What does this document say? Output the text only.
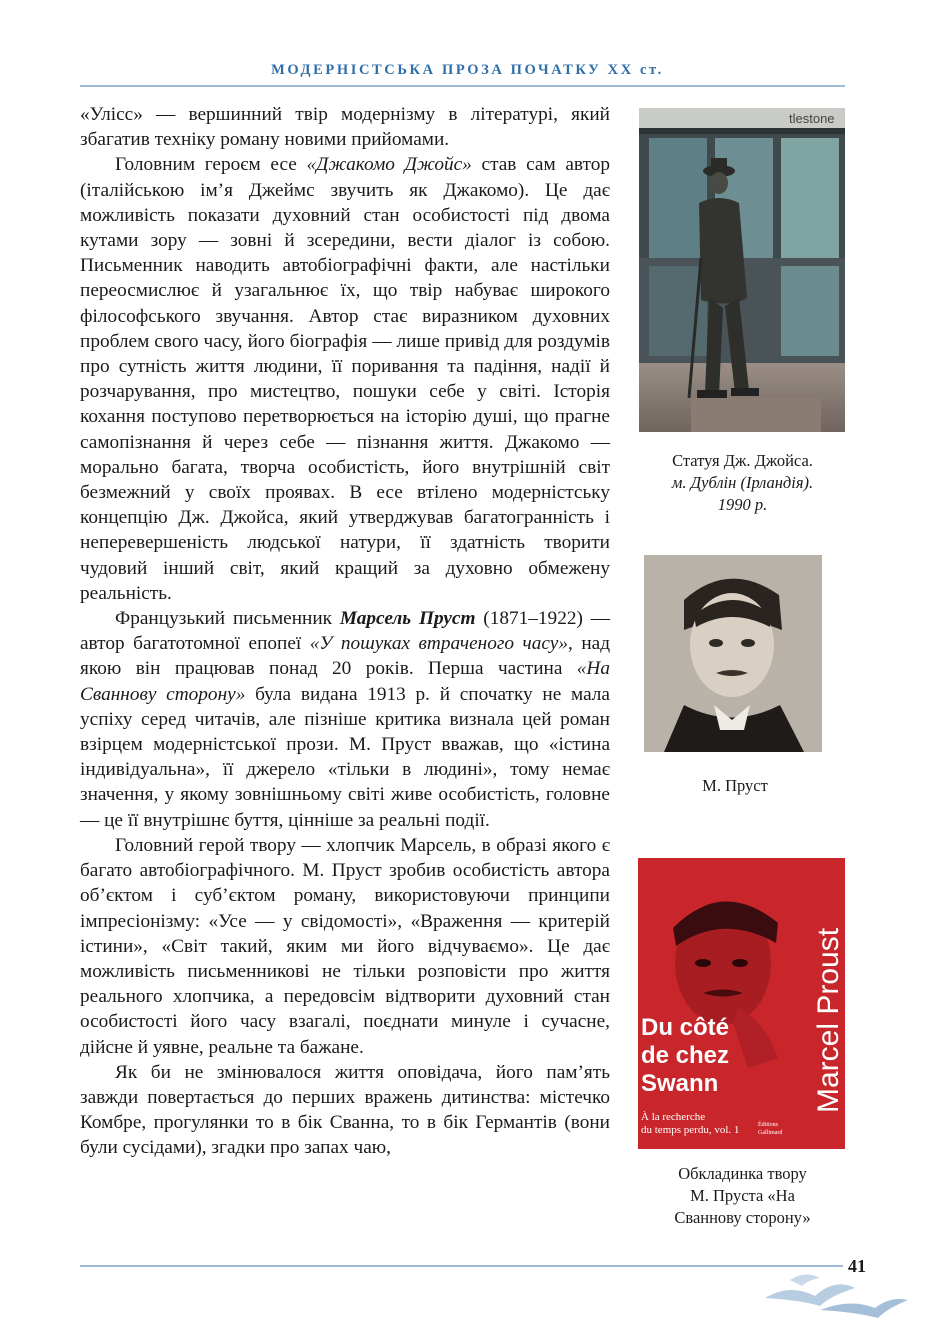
МОДЕРНІСТСЬКА ПРОЗА ПОЧАТКУ XX ст.

«Улісс» — вершинний твір модернізму в літературі, який збагатив техніку роману новими прийомами.

Головним героєм есе «Джакомо Джойс» став сам автор (італійською ім’я Джеймс звучить як Джакомо). Це дає можливість показати духовний стан особистості під двома кутами зору — зовні й зсередини, вести діалог із собою. Письменник наводить автобіографічні факти, але настільки переосмислює й узагальнює їх, що твір набуває широкого філософського звучання. Автор стає виразником духовних проблем свого часу, його біографія — лише привід для роздумів про сутність життя людини, її поривання та падіння, надії й розчарування, про мистецтво, пошуки себе у світі. Історія кохання поступово перетворюється на історію душі, що прагне самопізнання й через себе — пізнання життя. Джакомо — морально багата, творча особистість, його внутрішній світ безмежний у своїх проявах. В есе втілено модерністську концепцію Дж. Джойса, який утверджував багатогранність і неперевершеність людської натури, її здатність творити чудовий інший світ, який кращий за духовно обмежену реальність.

Французький письменник Марсель Пруст (1871–1922) — автор багатотомної епопеї «У пошуках втраченого часу», над якою він працював понад 20 років. Перша частина «На Сваннову сторону» була видана 1913 р. й спочатку не мала успіху серед читачів, але пізніше критика визнала цей роман взірцем модерністської прози. М. Пруст вважав, що «істина індивідуальна», її джерело «тільки в людині», тому немає значення, у якому зовнішньому світі живе особистість, головне — це її внутрішнє буття, цінніше за реальні події.

Головний герой твору — хлопчик Марсель, в образі якого є багато автобіографічного. М. Пруст зробив особистість автора об’єктом і суб’єктом роману, використовуючи принципи імпресіонізму: «Усе — у свідомості», «Враження — критерій істини», «Світ такий, яким ми його відчуваємо». Це дає можливість письменникові не тільки розповісти про життя реального хлопчика, а передовсім відтворити духовний стан особистості його часу взагалі, поєднати минуле і сучасне, дійсне й уявне, реальне та бажане.

Як би не змінювалося життя оповідача, його пам’ять завжди повертається до перших вражень дитинства: містечко Комбре, прогулянки то в бік Сванна, то в бік Германтів (вони були сусідами), згадки про запах чаю,

tlestone
Статуя Дж. Джойса.
м. Дублін (Ірландія).
1990 р.
М. Пруст
Marcel Proust
Du côté
de chez
Swann
À la recherche
du temps perdu, vol. 1	Éditions
Gallimard
Обкладинка твору
М. Пруста «На
Сваннову сторону»
41
